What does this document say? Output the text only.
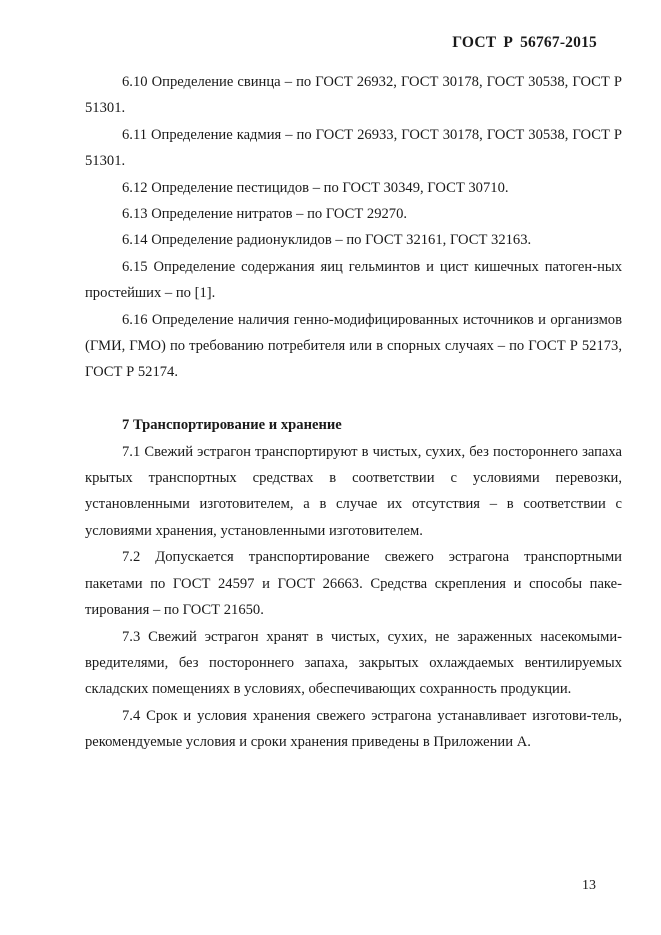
ГОСТ Р 56767-2015

6.10 Определение свинца – по ГОСТ 26932, ГОСТ 30178, ГОСТ 30538, ГОСТ Р 51301.

6.11 Определение кадмия – по ГОСТ 26933, ГОСТ 30178, ГОСТ 30538, ГОСТ Р 51301.

6.12 Определение пестицидов – по ГОСТ 30349, ГОСТ 30710.

6.13 Определение нитратов – по ГОСТ 29270.

6.14 Определение радионуклидов – по ГОСТ 32161, ГОСТ 32163.

6.15 Определение содержания яиц гельминтов и цист кишечных патоген-ных простейших – по [1].

6.16 Определение наличия генно-модифицированных источников и организмов (ГМИ, ГМО) по требованию потребителя или в спорных случаях – по ГОСТ Р 52173, ГОСТ Р 52174.

7 Транспортирование и хранение

7.1 Свежий эстрагон транспортируют в чистых, сухих, без постороннего запаха крытых транспортных средствах в соответствии с условиями перевозки, установленными изготовителем, а в случае их отсутствия – в соответствии с условиями хранения, установленными изготовителем.

7.2 Допускается транспортирование свежего эстрагона транспортными пакетами по ГОСТ 24597 и ГОСТ 26663. Средства скрепления и способы паке-тирования – по ГОСТ 21650.

7.3 Свежий эстрагон хранят в чистых, сухих, не зараженных насекомыми-вредителями, без постороннего запаха, закрытых охлаждаемых вентилируемых складских помещениях в условиях, обеспечивающих сохранность продукции.

7.4 Срок и условия хранения свежего эстрагона устанавливает изготови-тель, рекомендуемые условия и сроки хранения приведены в Приложении А.

13
